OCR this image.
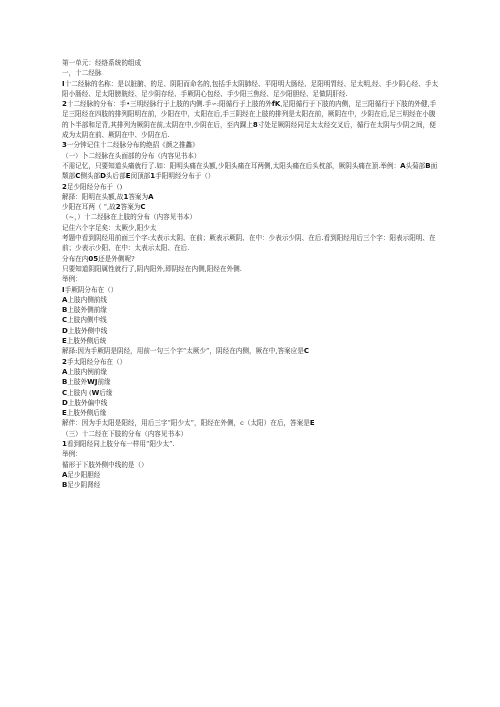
第一单元：经络系统的组成
一，十二经脉
I十二经脉的名称：是以脏腑、的足、阴阳而命名的,包括手太阴肺经、平阳明大肠经、足阳明胃经、足太明,经、手少阴心经、手太阳小肠经、足太阳膀胱经、足少阴存经、手厥阴心包经、手少阳三焦经、足少阳胆经、足做阴肝经.
2十二经脉的分布：手•三明经脉行于上肢的内侧.手∽:阳循行于上肢的外fK,足阳循行于下肢的内侧，足三阳循行于下肢的外健,手足三阳经在四肢的排列阳明在前，少阳在中，太阳在后,手三阴经在上肢的排列是太阳在前，厥阴在中，少阴在后,足三明经在小腹的卜半部和足背,其排列为厥阴在前,太阴在中,少阴在后，至内踝上8寸处足厥阴经同足太太经交叉后，循行在太阴与少阴之间，便成为太阴在前、厥阴在中、少阴在后.
3一分钟记住十二经脉分布的绝招《颜之推蠡》
（一）卜二经脉在头面部的分布（内容见书本）
不需记忆，只要知道头痛就行了.如：阳明头痛在头额,少阳头痛在耳两侧,太阳头痛在后头枕部，厥阴头痛在顶.举例：A头菊部B面颓部C侧头部D头后部E闵顶部1手阳明经分布于（）
2足少阳经分布于（)
解择：阳明在头额,故1答案为A
少阳在耳两（ “,故2答案为C
（~，）十二经脉在上肢的分布（内容见书本）
记住六个字足矣：太厥少,阳少太
考题中看到阴经用前面三个字:太表示太阴、在前；厥表示厥阴、在中：少表示少阴、在后.看到阳经用后三个字：阳表示阳明、在前；少表示少阳、在中：太表示太阳、在后.
分布在内05还是外侧呢?
只要知道阴阳属性就行了,阴内阳外,即阴经在内侧,阳经在外侧.
举例：
I手厥阴分布在（）
A上肢内侧前线
B上肢外侧前缘
C上肢内侧中线
D上肢外侧中线
E上肢外侧后统
解择:因为手厥阴是阴经，用前一句三个字“太厥少”，阴经在内侧，厥在中,答案应是C
2手太阳经分布在（）
A上肢内例前缘
B上肢外WJ前缘
C上肢内 (W后缘
D上肢外偏中线
E上肢外侧后缘
解伴：因为手太阳是阳经，用后三字“阳少太”，阳经在外侧，с（太阳）在后，答案是E
（三）十二经在下肢的分布（内容见书本）
1看到阳经同上肢分布一样用“阳少太”.
举例：
循形于下肢外侧中线的是（）
A足少阳胆经
B足少阴肾经
